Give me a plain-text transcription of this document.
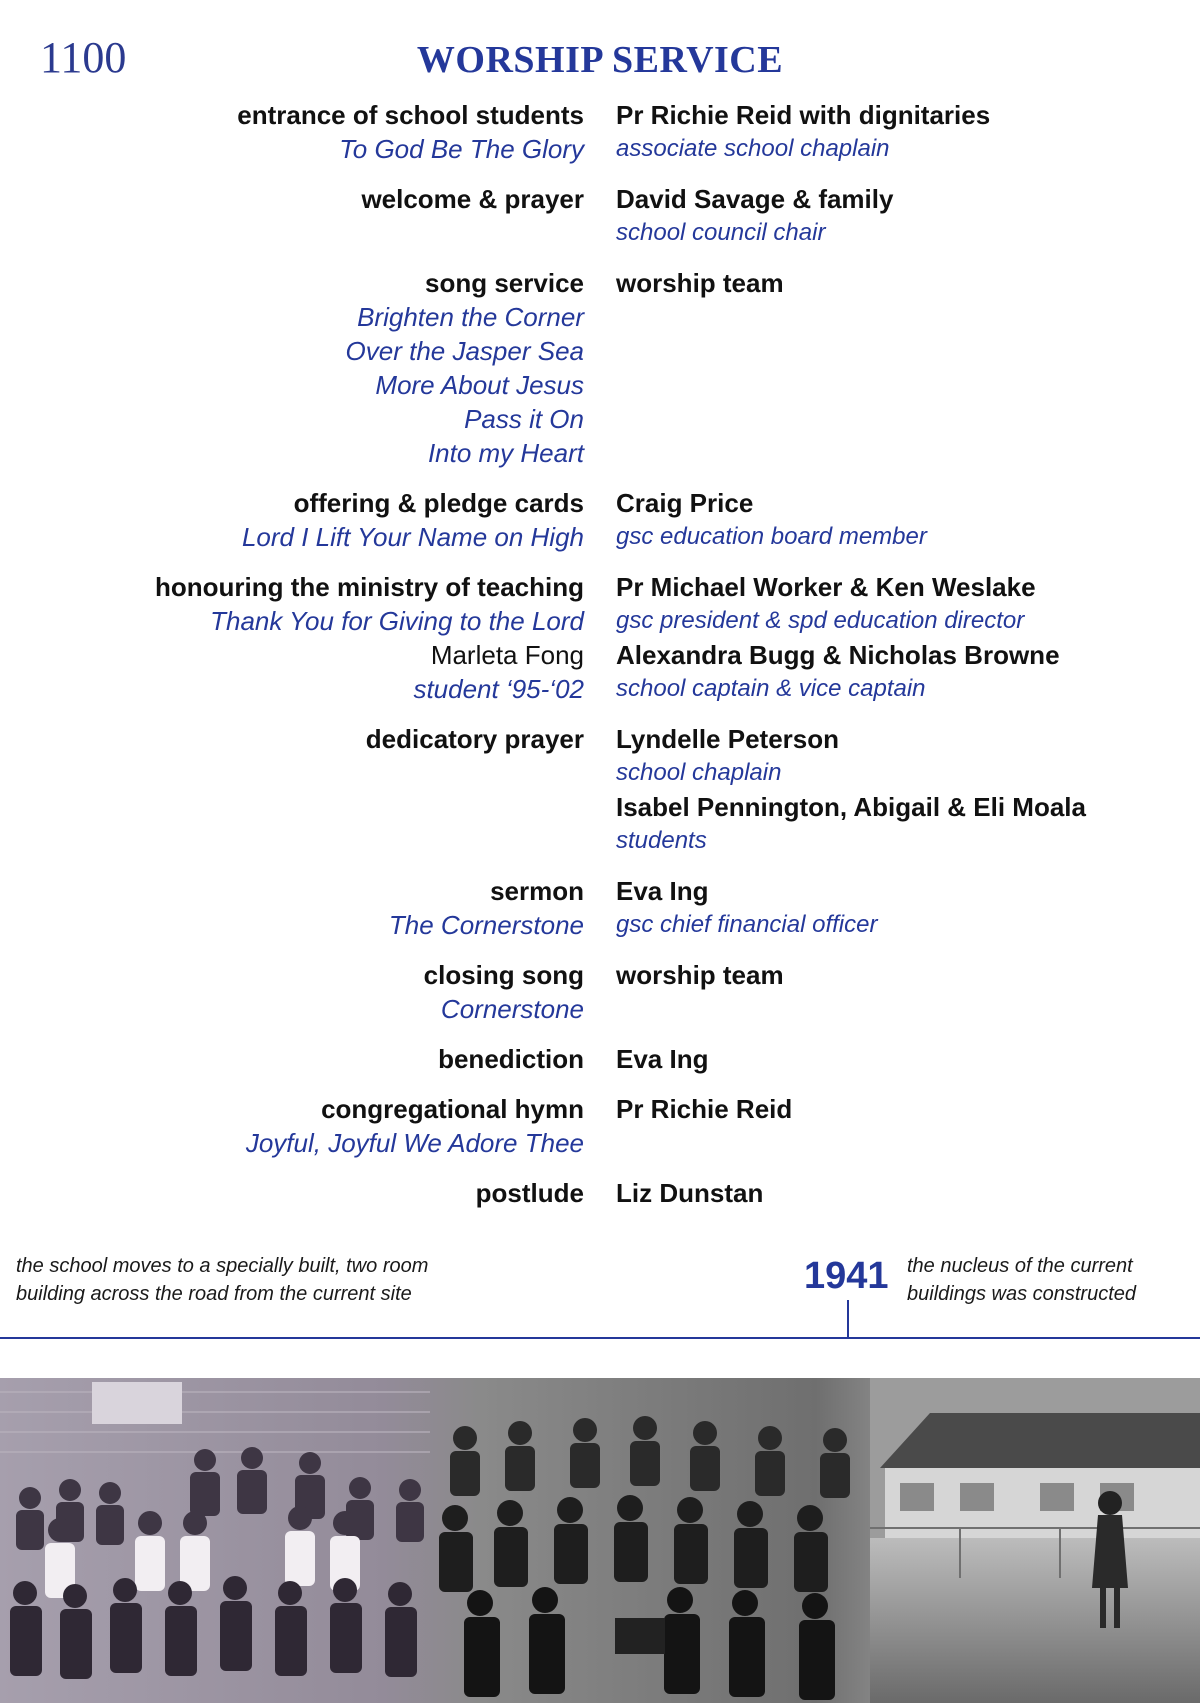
1100	WORSHIP SERVICE
entrance of school students
To God Be The Glory
Pr Richie Reid with dignitaries
associate school chaplain
welcome & prayer David Savage & family
school council chair
song service
Brighten the Corner
Over the Jasper Sea
More About Jesus
Pass it On
Into my Heart
worship team
offering & pledge cards
Lord I Lift Your Name on High
Craig Price
gsc education board member
honouring the ministry of teaching
Thank You for Giving to the Lord
Marleta Fong
student ‘95-‘02
Pr Michael Worker & Ken Weslake
gsc president & spd education director
Alexandra Bugg & Nicholas Browne
school captain & vice captain
dedicatory prayer Lyndelle Peterson
school chaplain
Isabel Pennington, Abigail & Eli Moala
students
sermon
The Cornerstone
Eva Ing
gsc chief financial officer
closing song
Cornerstone
worship team
benediction Eva Ing
congregational hymn
Joyful, Joyful We Adore Thee
Pr Richie Reid
postlude Liz Dunstan
the school moves to a specially built, two room
building across the road from the current site	1941 the nucleus of the current
buildings was constructed
